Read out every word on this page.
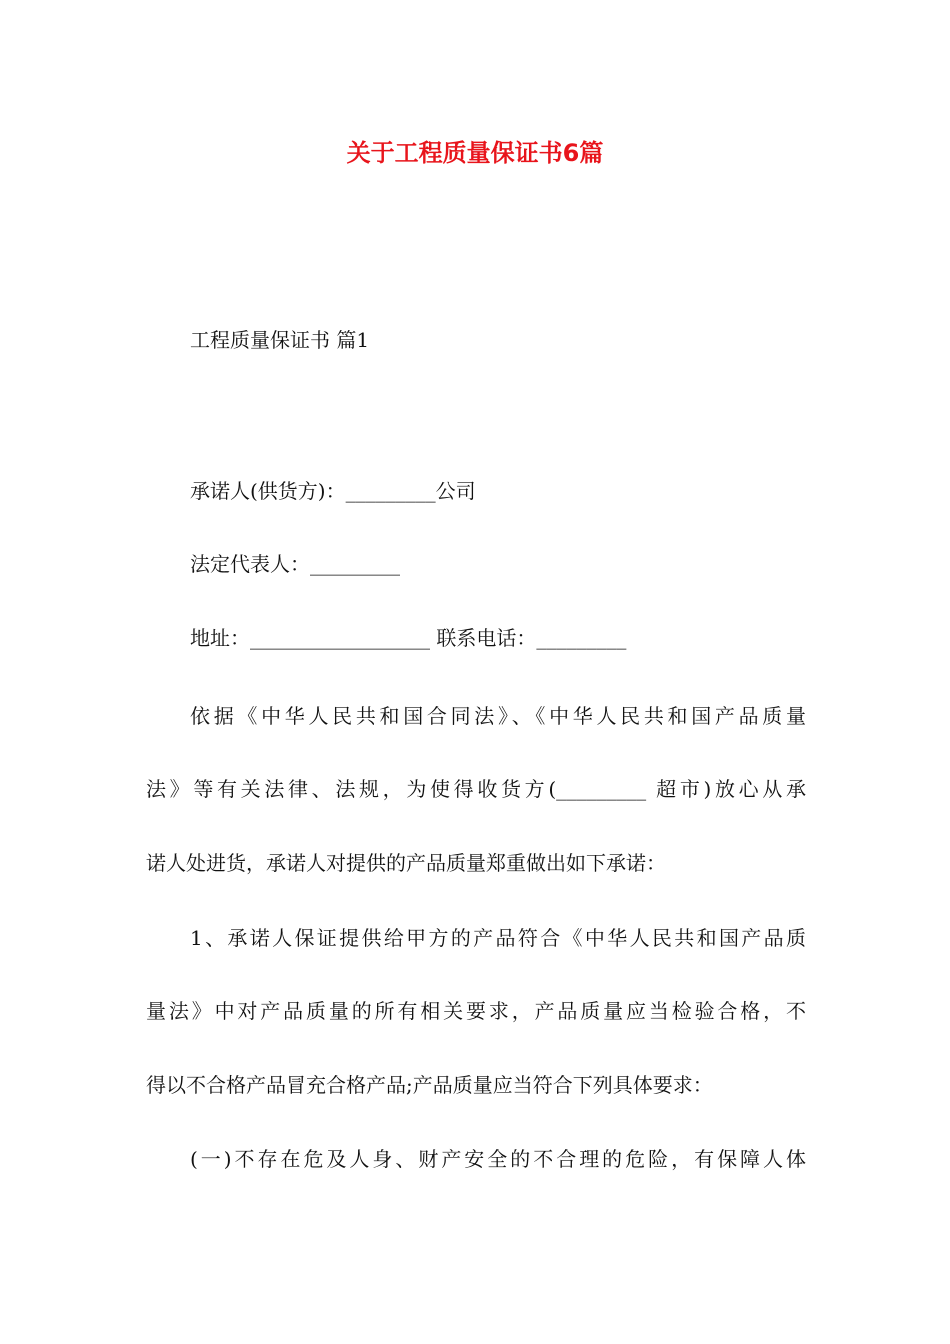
关于工程质量保证书6篇
工程质量保证书 篇1
承诺人(供货方)：_________公司
法定代表人：_________
地址：__________________ 联系电话：_________
依据《中华人民共和国合同法》、《中华人民共和国产品质量
法》等有关法律、法规，为使得收货方(_________ 超市)放心从承
诺人处进货，承诺人对提供的产品质量郑重做出如下承诺：
1、承诺人保证提供给甲方的产品符合《中华人民共和国产品质
量法》中对产品质量的所有相关要求，产品质量应当检验合格，不
得以不合格产品冒充合格产品;产品质量应当符合下列具体要求：
(一)不存在危及人身、财产安全的不合理的危险，有保障人体
